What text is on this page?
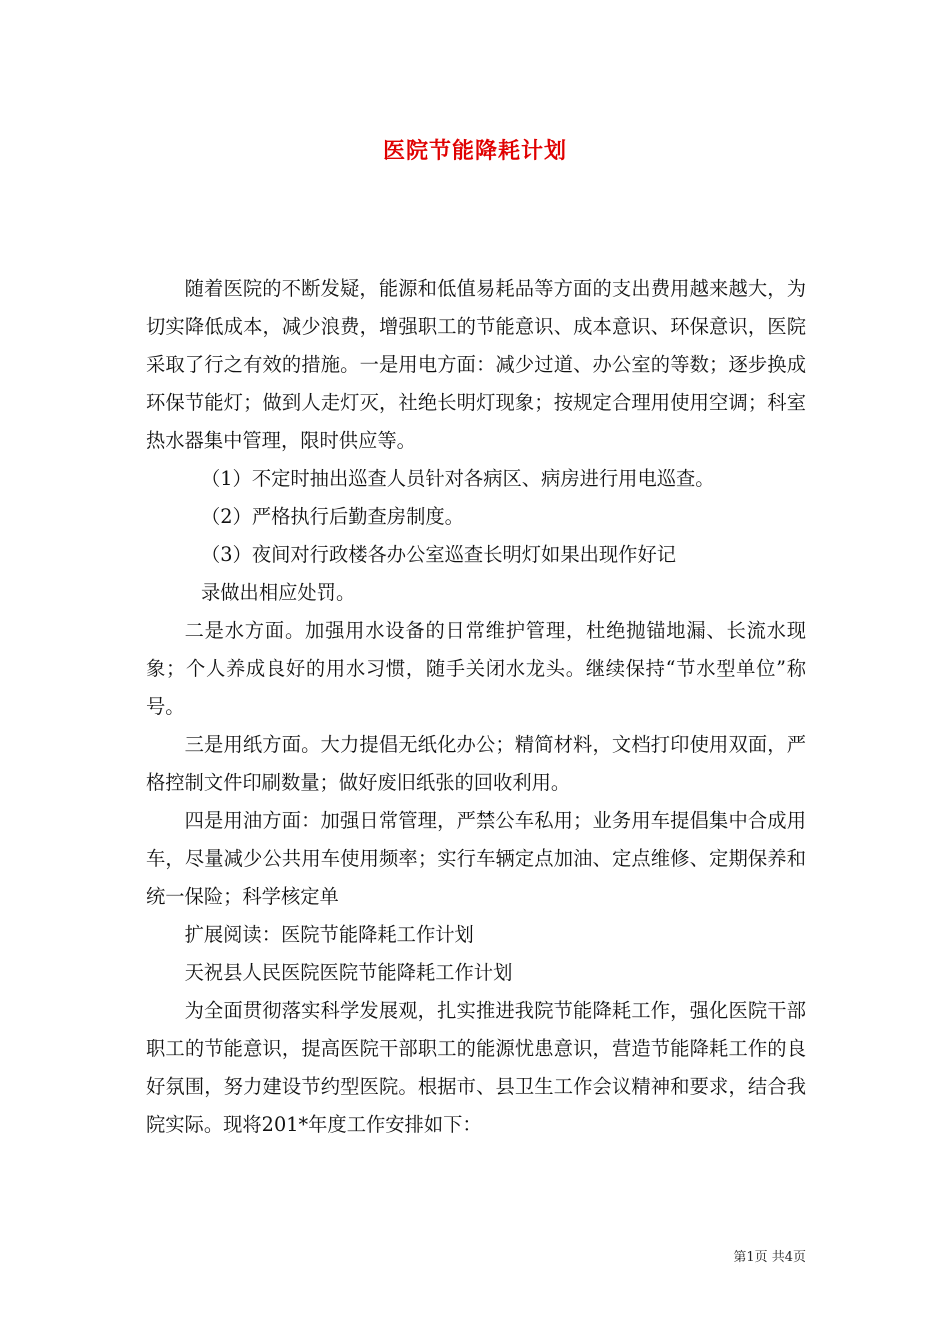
医院节能降耗计划

随着医院的不断发疑，能源和低值易耗品等方面的支出费用越来越大，为切实降低成本，减少浪费，增强职工的节能意识、成本意识、环保意识，医院采取了行之有效的措施。一是用电方面：减少过道、办公室的等数；逐步换成环保节能灯；做到人走灯灭，社绝长明灯现象；按规定合理用使用空调；科室热水器集中管理，限时供应等。

（1）不定时抽出巡查人员针对各病区、病房进行用电巡查。

（2）严格执行后勤查房制度。

（3）夜间对行政楼各办公室巡查长明灯如果出现作好记

录做出相应处罚。

二是水方面。加强用水设备的日常维护管理，杜绝抛锚地漏、长流水现象；个人养成良好的用水习惯，随手关闭水龙头。继续保持“节水型单位”称号。

三是用纸方面。大力提倡无纸化办公；精简材料，文档打印使用双面，严格控制文件印刷数量；做好废旧纸张的回收利用。

四是用油方面：加强日常管理，严禁公车私用；业务用车提倡集中合成用车，尽量减少公共用车使用频率；实行车辆定点加油、定点维修、定期保养和统一保险；科学核定单

扩展阅读：医院节能降耗工作计划

天祝县人民医院医院节能降耗工作计划

为全面贯彻落实科学发展观，扎实推进我院节能降耗工作，强化医院干部职工的节能意识，提高医院干部职工的能源忧患意识，营造节能降耗工作的良好氛围，努力建设节约型医院。根据市、县卫生工作会议精神和要求，结合我院实际。现将201*年度工作安排如下：

第1页 共4页
